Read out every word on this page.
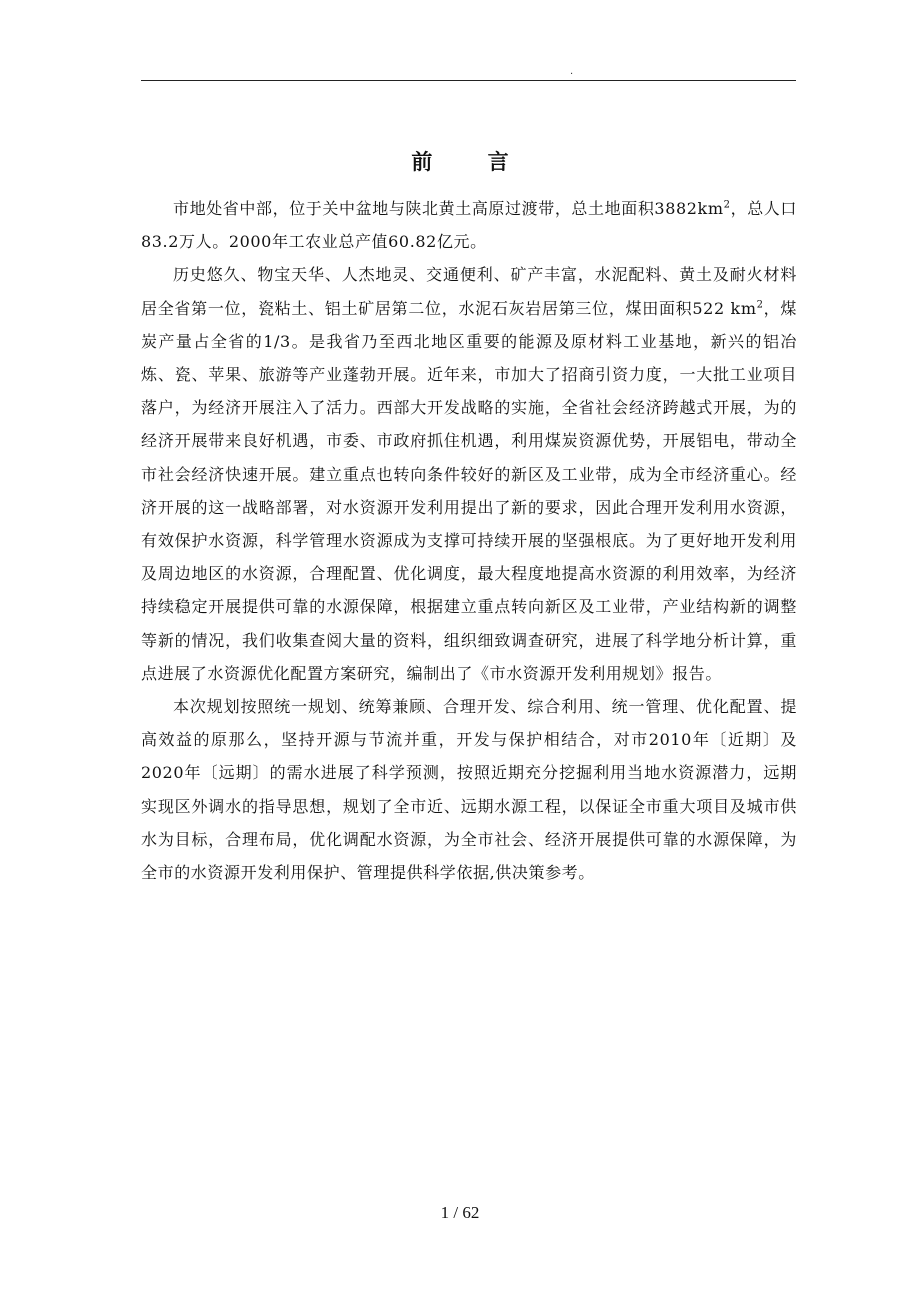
.
前 言

市地处省中部，位于关中盆地与陕北黄土高原过渡带，总土地面积$3882km^2$，总人口83.2万人。2000年工农业总产值60.82亿元。

历史悠久、物宝天华、人杰地灵、交通便利、矿产丰富，水泥配料、黄土及耐火材料居全省第一位，瓷粘土、铝土矿居第二位，水泥石灰岩居第三位，煤田面积522 $km^2$，煤炭产量占全省的1/3。是我省乃至西北地区重要的能源及原材料工业基地，新兴的铝冶炼、瓷、苹果、旅游等产业蓬勃开展。近年来，市加大了招商引资力度，一大批工业项目落户，为经济开展注入了活力。西部大开发战略的实施，全省社会经济跨越式开展，为的经济开展带来良好机遇，市委、市政府抓住机遇，利用煤炭资源优势，开展铝电，带动全市社会经济快速开展。建立重点也转向条件较好的新区及工业带，成为全市经济重心。经济开展的这一战略部署，对水资源开发利用提出了新的要求，因此合理开发利用水资源，有效保护水资源，科学管理水资源成为支撑可持续开展的坚强根底。为了更好地开发利用及周边地区的水资源，合理配置、优化调度，最大程度地提高水资源的利用效率，为经济持续稳定开展提供可靠的水源保障，根据建立重点转向新区及工业带，产业结构新的调整等新的情况，我们收集查阅大量的资料，组织细致调查研究，进展了科学地分析计算，重点进展了水资源优化配置方案研究，编制出了《市水资源开发利用规划》报告。

本次规划按照统一规划、统筹兼顾、合理开发、综合利用、统一管理、优化配置、提高效益的原那么，坚持开源与节流并重，开发与保护相结合，对市2010年〔近期〕及2020年〔远期〕的需水进展了科学预测，按照近期充分挖掘利用当地水资源潜力，远期实现区外调水的指导思想，规划了全市近、远期水源工程，以保证全市重大项目及城市供水为目标，合理布局，优化调配水资源，为全市社会、经济开展提供可靠的水源保障，为全市的水资源开发利用保护、管理提供科学依据,供决策参考。

1 / 62
